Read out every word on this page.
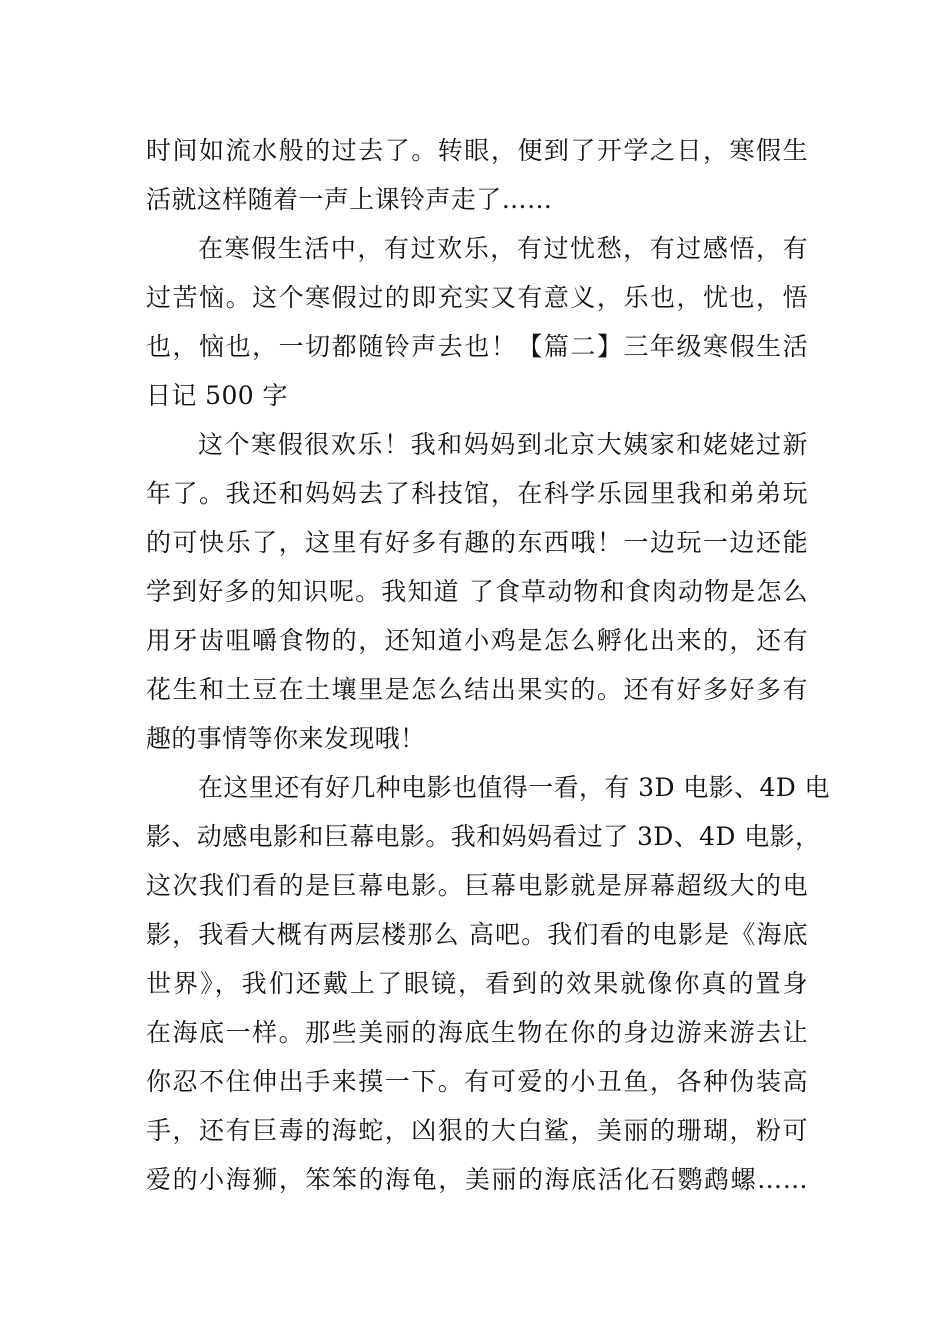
时间如流水般的过去了。转眼，便到了开学之日，寒假生
活就这样随着一声上课铃声走了……
在寒假生活中，有过欢乐，有过忧愁，有过感悟，有
过苦恼。这个寒假过的即充实又有意义，乐也，忧也，悟
也，恼也，一切都随铃声去也！【篇二】三年级寒假生活
日记 500 字
这个寒假很欢乐！我和妈妈到北京大姨家和姥姥过新
年了。我还和妈妈去了科技馆，在科学乐园里我和弟弟玩
的可快乐了，这里有好多有趣的东西哦！一边玩一边还能
学到好多的知识呢。我知道 了食草动物和食肉动物是怎么
用牙齿咀嚼食物的，还知道小鸡是怎么孵化出来的，还有
花生和土豆在土壤里是怎么结出果实的。还有好多好多有
趣的事情等你来发现哦！
在这里还有好几种电影也值得一看，有 3D 电影、4D 电
影、动感电影和巨幕电影。我和妈妈看过了 3D、4D 电影，
这次我们看的是巨幕电影。巨幕电影就是屏幕超级大的电
影，我看大概有两层楼那么 高吧。我们看的电影是《海底
世界》，我们还戴上了眼镜，看到的效果就像你真的置身
在海底一样。那些美丽的海底生物在你的身边游来游去让
你忍不住伸出手来摸一下。有可爱的小丑鱼，各种伪装高
手，还有巨毒的海蛇，凶狠的大白鲨，美丽的珊瑚，粉可
爱的小海狮，笨笨的海龟，美丽的海底活化石鹦鹉螺……
